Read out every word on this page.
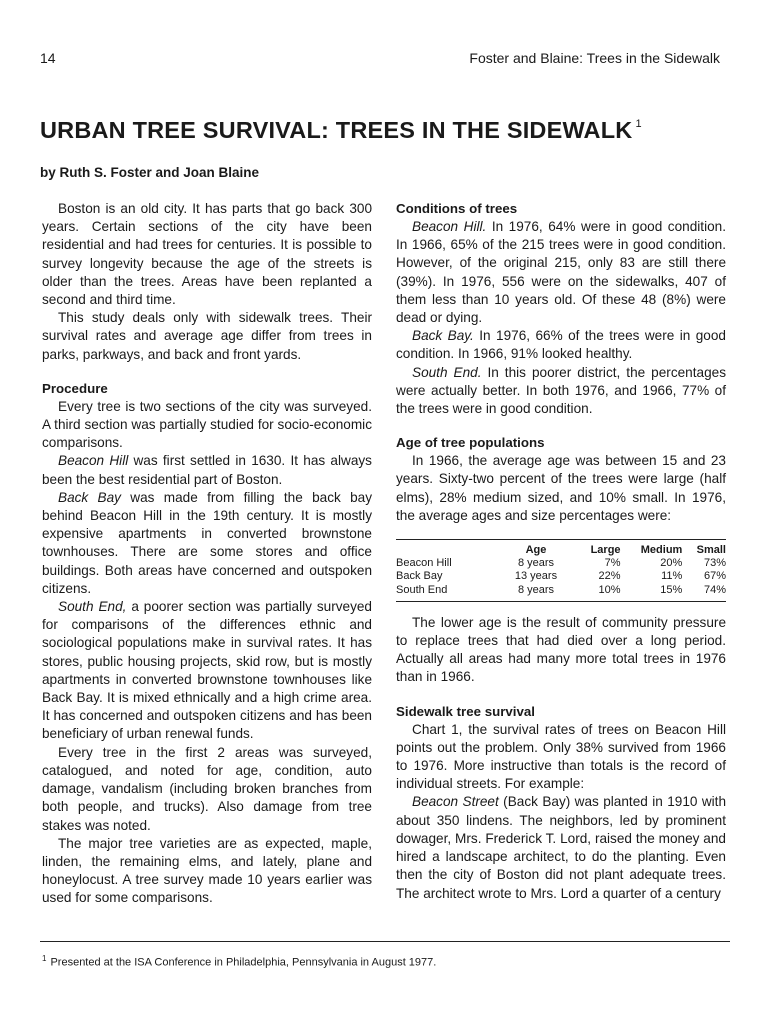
14	Foster and Blaine: Trees in the Sidewalk
URBAN TREE SURVIVAL: TREES IN THE SIDEWALK $^1$
by Ruth S. Foster and Joan Blaine

Boston is an old city. It has parts that go back 300 years. Certain sections of the city have been residential and had trees for centuries. It is possible to survey longevity because the age of the streets is older than the trees. Areas have been replanted a second and third time.

This study deals only with sidewalk trees. Their survival rates and average age differ from trees in parks, parkways, and back and front yards.

Procedure

Every tree is two sections of the city was surveyed. A third section was partially studied for socio-economic comparisons.

Beacon Hill was first settled in 1630. It has always been the best residential part of Boston.

Back Bay was made from filling the back bay behind Beacon Hill in the 19th century. It is mostly expensive apartments in converted brownstone townhouses. There are some stores and office buildings. Both areas have concerned and outspoken citizens.

South End, a poorer section was partially surveyed for comparisons of the differences ethnic and sociological populations make in survival rates. It has stores, public housing projects, skid row, but is mostly apartments in converted brownstone townhouses like Back Bay. It is mixed ethnically and a high crime area. It has concerned and outspoken citizens and has been beneficiary of urban renewal funds.

Every tree in the first 2 areas was surveyed, catalogued, and noted for age, condition, auto damage, vandalism (including broken branches from both people, and trucks). Also damage from tree stakes was noted.

The major tree varieties are as expected, maple, linden, the remaining elms, and lately, plane and honeylocust. A tree survey made 10 years earlier was used for some comparisons.

Conditions of trees

Beacon Hill. In 1976, 64% were in good condition. In 1966, 65% of the 215 trees were in good condition. However, of the original 215, only 83 are still there (39%). In 1976, 556 were on the sidewalks, 407 of them less than 10 years old. Of these 48 (8%) were dead or dying.

Back Bay. In 1976, 66% of the trees were in good condition. In 1966, 91% looked healthy.

South End. In this poorer district, the percentages were actually better. In both 1976, and 1966, 77% of the trees were in good condition.

Age of tree populations

In 1966, the average age was between 15 and 23 years. Sixty-two percent of the trees were large (half elms), 28% medium sized, and 10% small. In 1976, the average ages and size percentages were:

	Age	Large	Medium	Small
Beacon Hill	8 years	7%	20%	73%
Back Bay	13 years	22%	11%	67%
South End	8 years	10%	15%	74%

The lower age is the result of community pressure to replace trees that had died over a long period. Actually all areas had many more total trees in 1976 than in 1966.

Sidewalk tree survival

Chart 1, the survival rates of trees on Beacon Hill points out the problem. Only 38% survived from 1966 to 1976. More instructive than totals is the record of individual streets. For example:

Beacon Street (Back Bay) was planted in 1910 with about 350 lindens. The neighbors, led by prominent dowager, Mrs. Frederick T. Lord, raised the money and hired a landscape architect, to do the planting. Even then the city of Boston did not plant adequate trees. The architect wrote to Mrs. Lord a quarter of a century

$^1$ Presented at the ISA Conference in Philadelphia, Pennsylvania in August 1977.
